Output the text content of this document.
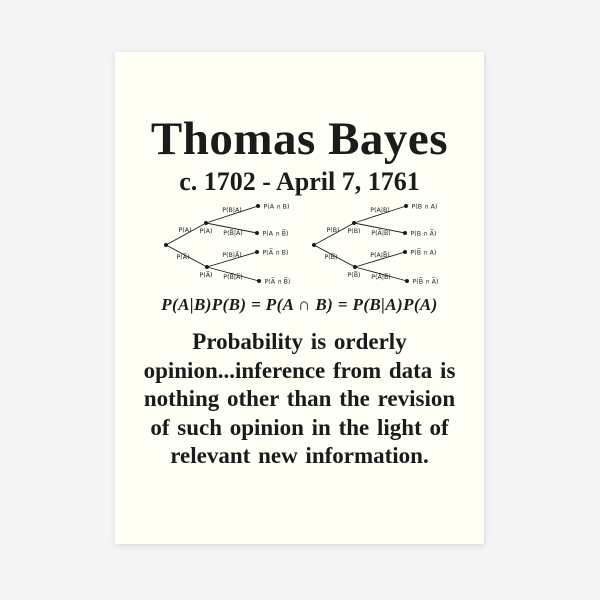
Thomas Bayes
c. 1702 - April 7, 1761
P(A)
P(A̅)
P(A)
P(A̅)
P(B|A)
P(B̅|A)
P(B|A̅)
P(B̅|A̅)
P(A ∩ B)
P(A ∩ B̅)
P(A̅ ∩ B)
P(A̅ ∩ B̅)
P(B)
P(B̅)
P(B)
P(B̅)
P(A|B)
P(A̅|B)
P(A|B̅)
P(A̅|B̅)
P(B ∩ A)
P(B ∩ A̅)
P(B̅ ∩ A)
P(B̅ ∩ A̅)
P(A|B)P(B) = P(A ∩ B) = P(B|A)P(A)
Probability is orderly
opinion...inference from data is
nothing other than the revision
of such opinion in the light of
relevant new information.
